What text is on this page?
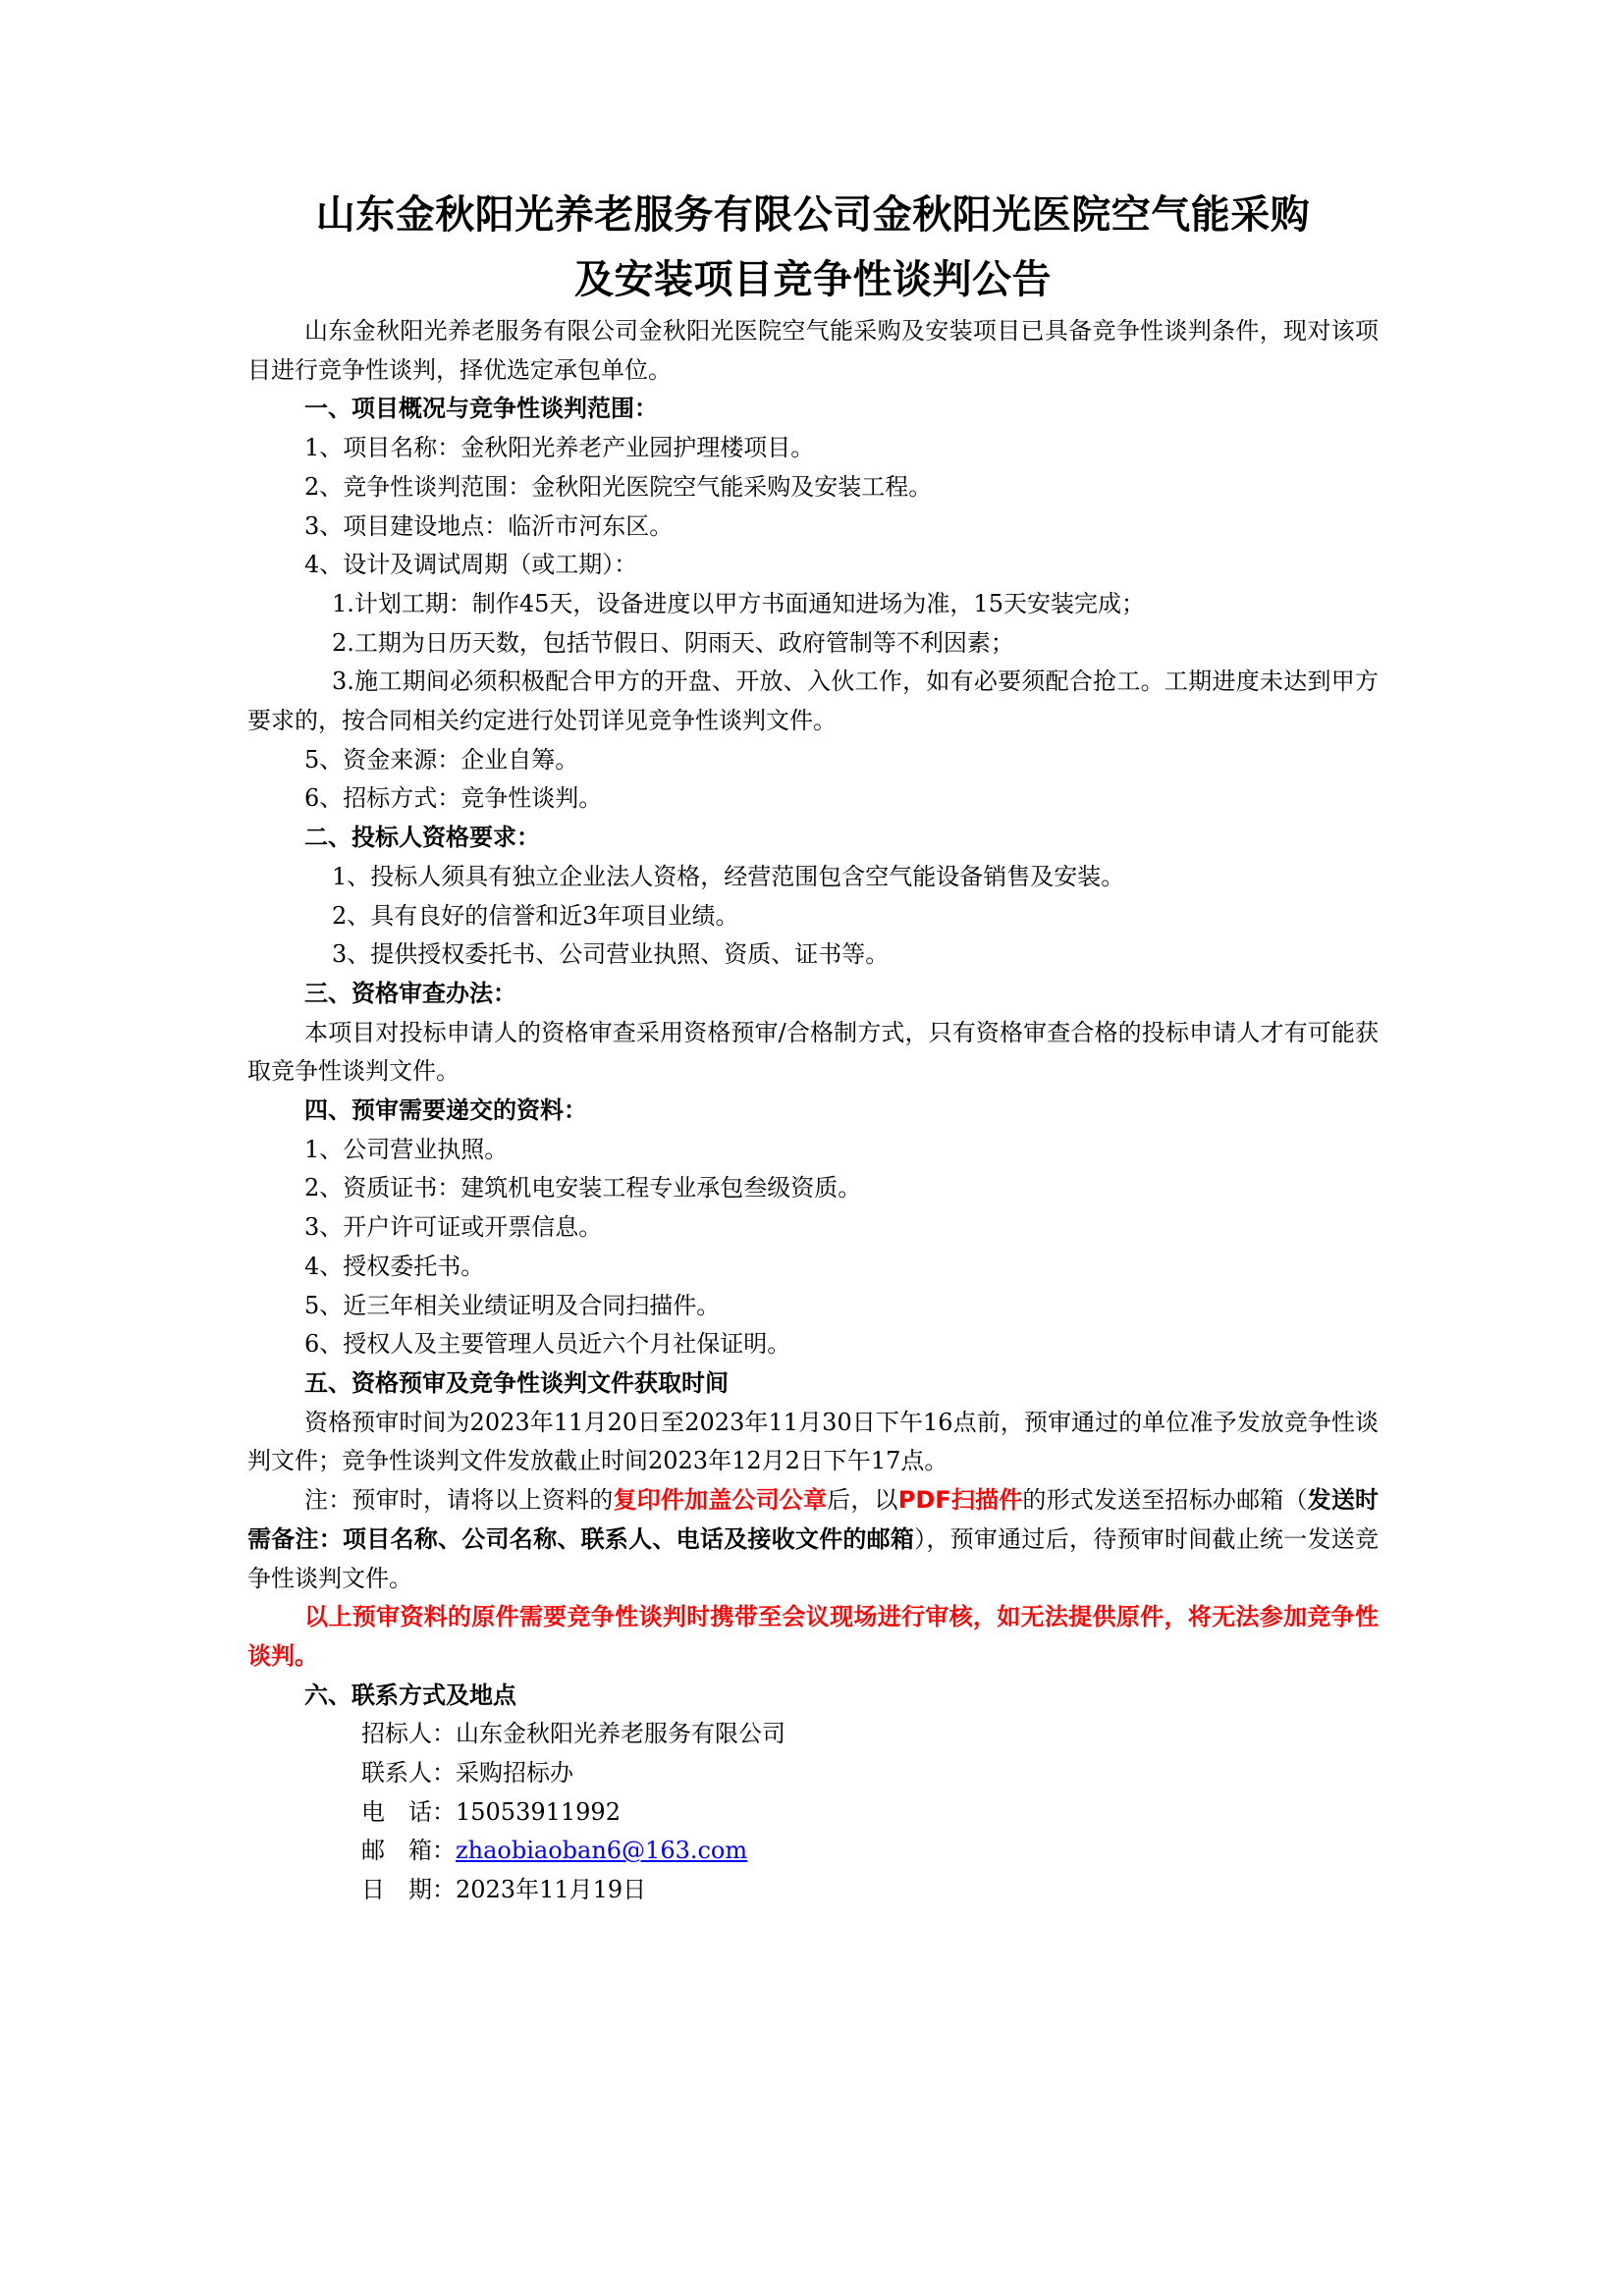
山东金秋阳光养老服务有限公司金秋阳光医院空气能采购
及安装项目竞争性谈判公告

山东金秋阳光养老服务有限公司金秋阳光医院空气能采购及安装项目已具备竞争性谈判条件，现对该项目进行竞争性谈判，择优选定承包单位。

一、项目概况与竞争性谈判范围：

1、项目名称：金秋阳光养老产业园护理楼项目。

2、竞争性谈判范围：金秋阳光医院空气能采购及安装工程。

3、项目建设地点：临沂市河东区。

4、设计及调试周期（或工期）：

1.计划工期：制作45天，设备进度以甲方书面通知进场为准，15天安装完成；

2.工期为日历天数，包括节假日、阴雨天、政府管制等不利因素；

3.施工期间必须积极配合甲方的开盘、开放、入伙工作，如有必要须配合抢工。工期进度未达到甲方要求的，按合同相关约定进行处罚详见竞争性谈判文件。

5、资金来源：企业自筹。

6、招标方式：竞争性谈判。

二、投标人资格要求：

1、投标人须具有独立企业法人资格，经营范围包含空气能设备销售及安装。

2、具有良好的信誉和近3年项目业绩。

3、提供授权委托书、公司营业执照、资质、证书等。

三、资格审查办法：

本项目对投标申请人的资格审查采用资格预审/合格制方式，只有资格审查合格的投标申请人才有可能获取竞争性谈判文件。

四、预审需要递交的资料：

1、公司营业执照。

2、资质证书：建筑机电安装工程专业承包叁级资质。

3、开户许可证或开票信息。

4、授权委托书。

5、近三年相关业绩证明及合同扫描件。

6、授权人及主要管理人员近六个月社保证明。

五、资格预审及竞争性谈判文件获取时间

资格预审时间为2023年11月20日至2023年11月30日下午16点前，预审通过的单位准予发放竞争性谈判文件；竞争性谈判文件发放截止时间2023年12月2日下午17点。

注：预审时，请将以上资料的复印件加盖公司公章后，以PDF扫描件的形式发送至招标办邮箱（发送时需备注：项目名称、公司名称、联系人、电话及接收文件的邮箱），预审通过后，待预审时间截止统一发送竞争性谈判文件。

以上预审资料的原件需要竞争性谈判时携带至会议现场进行审核，如无法提供原件，将无法参加竞争性谈判。

六、联系方式及地点

招标人：山东金秋阳光养老服务有限公司

联系人：采购招标办

电　话：15053911992

邮　箱：zhaobiaoban6@163.com

日　期：2023年11月19日
